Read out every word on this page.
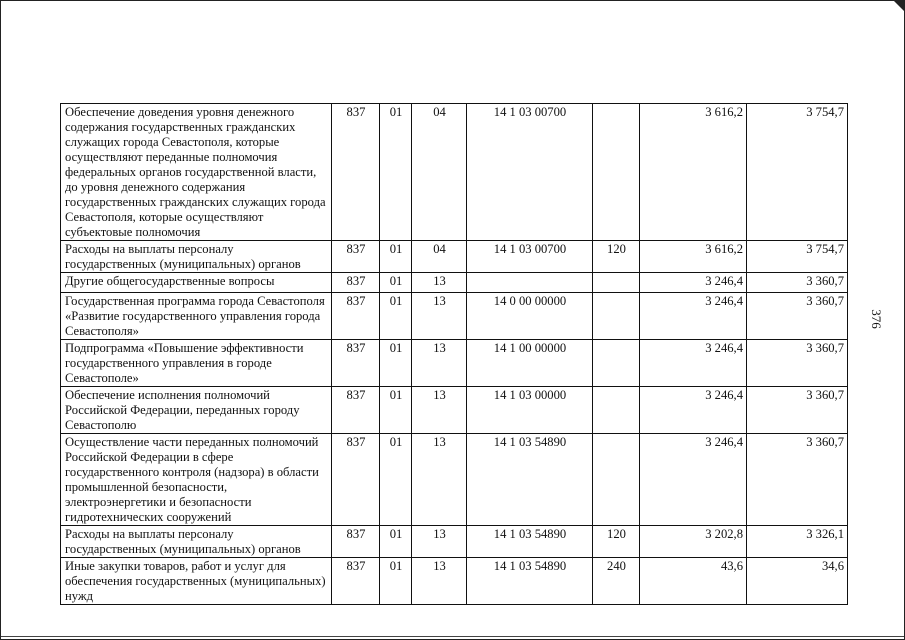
Обеспечение доведения уровня денежного содержания государственных гражданских служащих города Севастополя, которые осуществляют переданные полномочия федеральных органов государственной власти, до уровня денежного содержания государственных гражданских служащих города Севастополя, которые осуществляют субъектовые полномочия	837	01	04	14 1 03 00700		3 616,2	3 754,7
Расходы на выплаты персоналу государственных (муниципальных) органов	837	01	04	14 1 03 00700	120	3 616,2	3 754,7
Другие общегосударственные вопросы	837	01	13			3 246,4	3 360,7
Государственная программа города Севастополя «Развитие государственного управления города Севастополя»	837	01	13	14 0 00 00000		3 246,4	3 360,7
Подпрограмма «Повышение эффективности государственного управления в городе Севастополе»	837	01	13	14 1 00 00000		3 246,4	3 360,7
Обеспечение исполнения полномочий Российской Федерации, переданных городу Севастополю	837	01	13	14 1 03 00000		3 246,4	3 360,7
Осуществление части переданных полномочий Российской Федерации в сфере государственного контроля (надзора) в области промышленной безопасности, электроэнергетики и безопасности гидротехнических сооружений	837	01	13	14 1 03 54890		3 246,4	3 360,7
Расходы на выплаты персоналу государственных (муниципальных) органов	837	01	13	14 1 03 54890	120	3 202,8	3 326,1
Иные закупки товаров, работ и услуг для обеспечения государственных (муниципальных) нужд	837	01	13	14 1 03 54890	240	43,6	34,6
376
